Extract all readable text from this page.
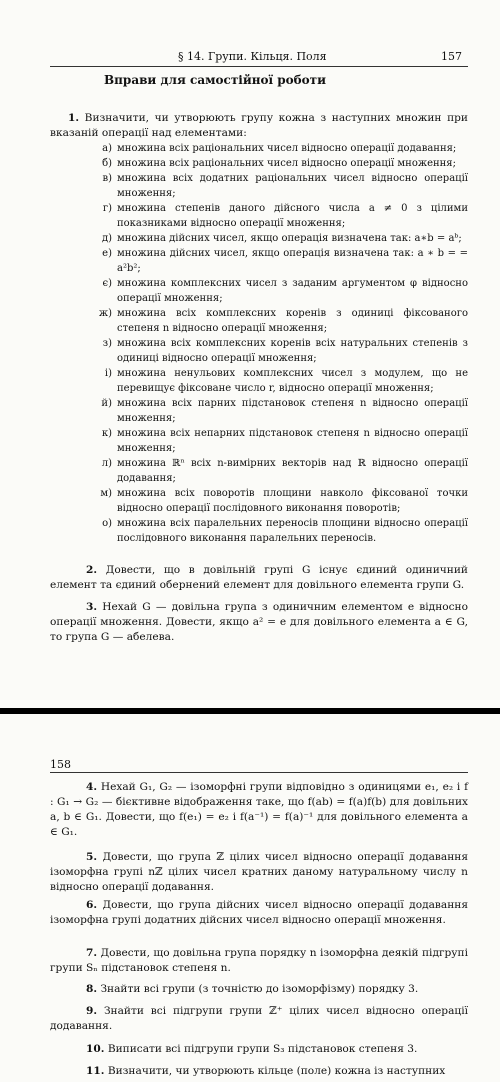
§ 14. Групи. Кільця. Поля	157
Вправи для самостійної роботи
1. Визначити, чи утворюють групу кожна з наступних множин при вказаній операції над елементами:
а) множина всіх раціональних чисел відносно операції додавання;
б) множина всіх раціональних чисел відносно операції множення;
в) множина всіх додатних раціональних чисел відносно операції множення;
г) множина степенів даного дійсного числа a ≠ 0 з цілими показниками відносно операції множення;
д) множина дійсних чисел, якщо операція визначена так: a∗b = aᵇ;
е) множина дійсних чисел, якщо операція визначена так: a ∗ b = = a²b²;
є) множина комплексних чисел з заданим аргументом φ відносно операції множення;
ж) множина всіх комплексних коренів з одиниці фіксованого степеня n відносно операції множення;
з) множина всіх комплексних коренів всіх натуральних степенів з одиниці відносно операції множення;
і) множина ненульових комплексних чисел з модулем, що не перевищує фіксоване число r, відносно операції множення;
й) множина всіх парних підстановок степеня n відносно операції множення;
к) множина всіх непарних підстановок степеня n відносно операції множення;
л) множина ℝⁿ всіх n-вимірних векторів над ℝ відносно операції додавання;
м) множина всіх поворотів площини навколо фіксованої точки відносно операції послідовного виконання поворотів;
о) множина всіх паралельних переносів площини відносно операції послідовного виконання паралельних переносів.
2. Довести, що в довільній групі G існує єдиний одиничний елемент та єдиний обернений елемент для довільного елемента групи G.
3. Нехай G — довільна група з одиничним елементом e відносно операції множення. Довести, якщо a² = e для довільного елемента a ∈ G, то група G — абелева.
158
4. Нехай G₁, G₂ — ізоморфні групи відповідно з одиницями e₁, e₂ і f : G₁ → G₂ — бієктивне відображення таке, що f(ab) = f(a)f(b) для довільних a, b ∈ G₁. Довести, що f(e₁) = e₂ і f(a⁻¹) = f(a)⁻¹ для довільного елемента a ∈ G₁.
5. Довести, що група ℤ цілих чисел відносно операції додавання ізоморфна групі nℤ цілих чисел кратних даному натуральному числу n відносно операції додавання.
6. Довести, що група дійсних чисел відносно операції додавання ізоморфна групі додатних дійсних чисел відносно операції множення.
7. Довести, що довільна група порядку n ізоморфна деякій підгрупі групи Sₙ підстановок степеня n.
8. Знайти всі групи (з точністю до ізоморфізму) порядку 3.
9. Знайти всі підгрупи групи ℤ⁺ цілих чисел відносно операції додавання.
10. Виписати всі підгрупи групи S₃ підстановок степеня 3.
11. Визначити, чи утворюють кільце (поле) кожна із наступних
